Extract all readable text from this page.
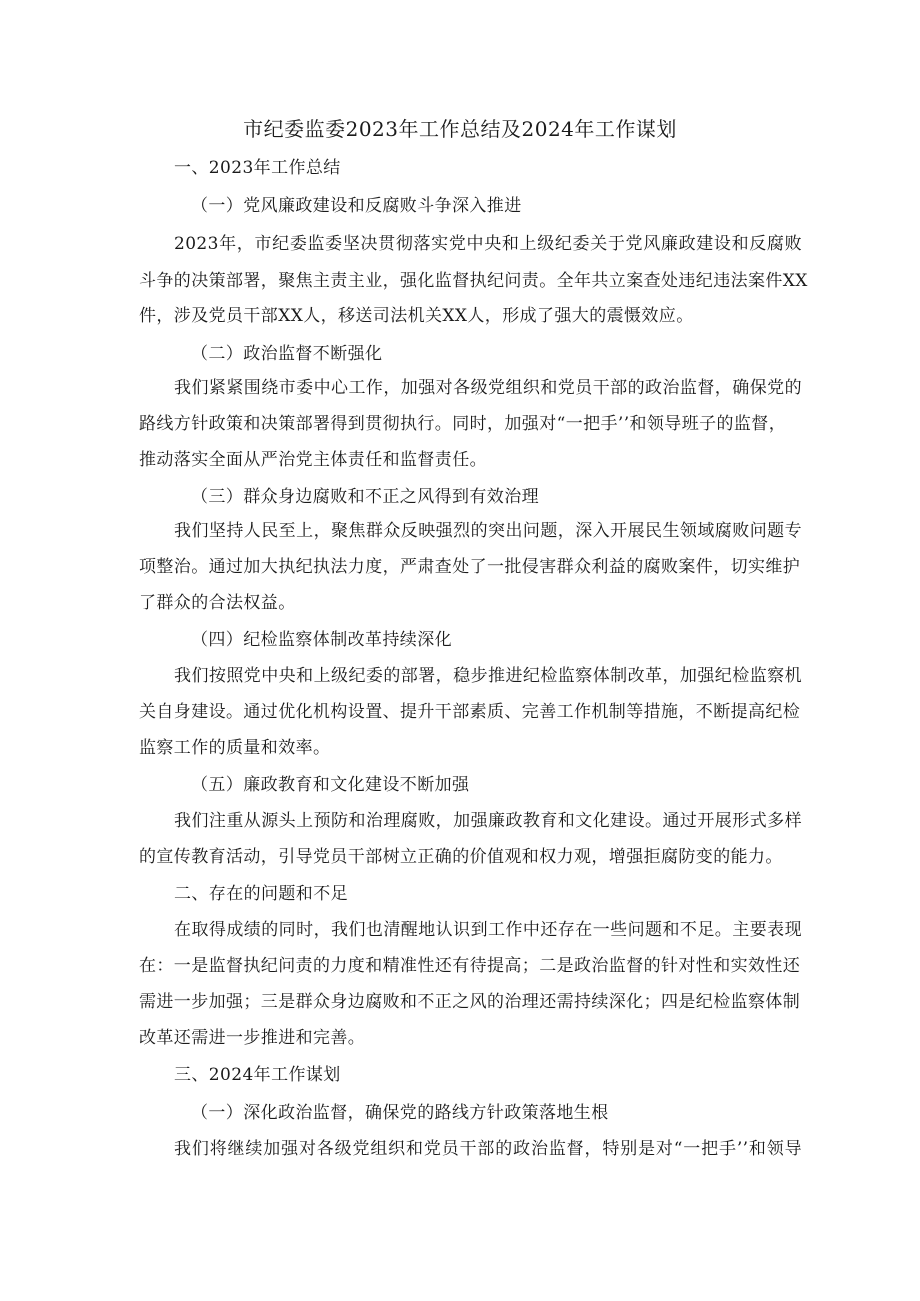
市纪委监委2023年工作总结及2024年工作谋划
一、2023年工作总结
（一）党风廉政建设和反腐败斗争深入推进
2023年，市纪委监委坚决贯彻落实党中央和上级纪委关于党风廉政建设和反腐败
斗争的决策部署，聚焦主责主业，强化监督执纪问责。全年共立案查处违纪违法案件XX
件，涉及党员干部XX人，移送司法机关XX人，形成了强大的震慑效应。
（二）政治监督不断强化
我们紧紧围绕市委中心工作，加强对各级党组织和党员干部的政治监督，确保党的
路线方针政策和决策部署得到贯彻执行。同时，加强对“一把手’’和领导班子的监督，
推动落实全面从严治党主体责任和监督责任。
（三）群众身边腐败和不正之风得到有效治理
我们坚持人民至上，聚焦群众反映强烈的突出问题，深入开展民生领域腐败问题专
项整治。通过加大执纪执法力度，严肃查处了一批侵害群众利益的腐败案件，切实维护
了群众的合法权益。
（四）纪检监察体制改革持续深化
我们按照党中央和上级纪委的部署，稳步推进纪检监察体制改革，加强纪检监察机
关自身建设。通过优化机构设置、提升干部素质、完善工作机制等措施，不断提高纪检
监察工作的质量和效率。
（五）廉政教育和文化建设不断加强
我们注重从源头上预防和治理腐败，加强廉政教育和文化建设。通过开展形式多样
的宣传教育活动，引导党员干部树立正确的价值观和权力观，增强拒腐防变的能力。
二、存在的问题和不足
在取得成绩的同时，我们也清醒地认识到工作中还存在一些问题和不足。主要表现
在：一是监督执纪问责的力度和精准性还有待提高；二是政治监督的针对性和实效性还
需进一步加强；三是群众身边腐败和不正之风的治理还需持续深化；四是纪检监察体制
改革还需进一步推进和完善。
三、2024年工作谋划
（一）深化政治监督，确保党的路线方针政策落地生根
我们将继续加强对各级党组织和党员干部的政治监督，特别是对“一把手’’和领导
